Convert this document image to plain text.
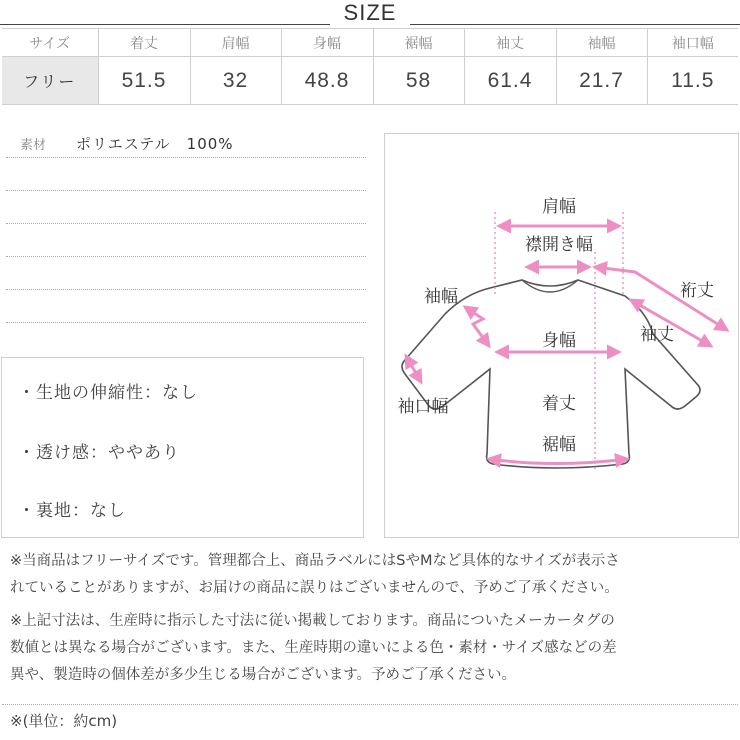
SIZE
サイズ	着丈	肩幅	身幅	裾幅	袖丈	袖幅	袖口幅
フリー	51.5	32	48.8	58	61.4	21.7	11.5
素材 ポリエステル　100%
・生地の伸縮性：なし
・透け感：ややあり
・裏地：なし
肩幅
襟開き幅
袖幅	裄丈
袖丈
身幅
袖口幅	着丈
裾幅

※当商品はフリーサイズです。管理都合上、商品ラベルにはSやMなど具体的なサイズが表示さ

れていることがありますが、お届けの商品に誤りはございませんので、予めご了承ください。

※上記寸法は、生産時に指示した寸法に従い掲載しております。商品についたメーカータグの

数値とは異なる場合がございます。また、生産時期の違いによる色・素材・サイズ感などの差

異や、製造時の個体差が多少生じる場合がございます。予めご了承ください。

※(単位：約cm)
